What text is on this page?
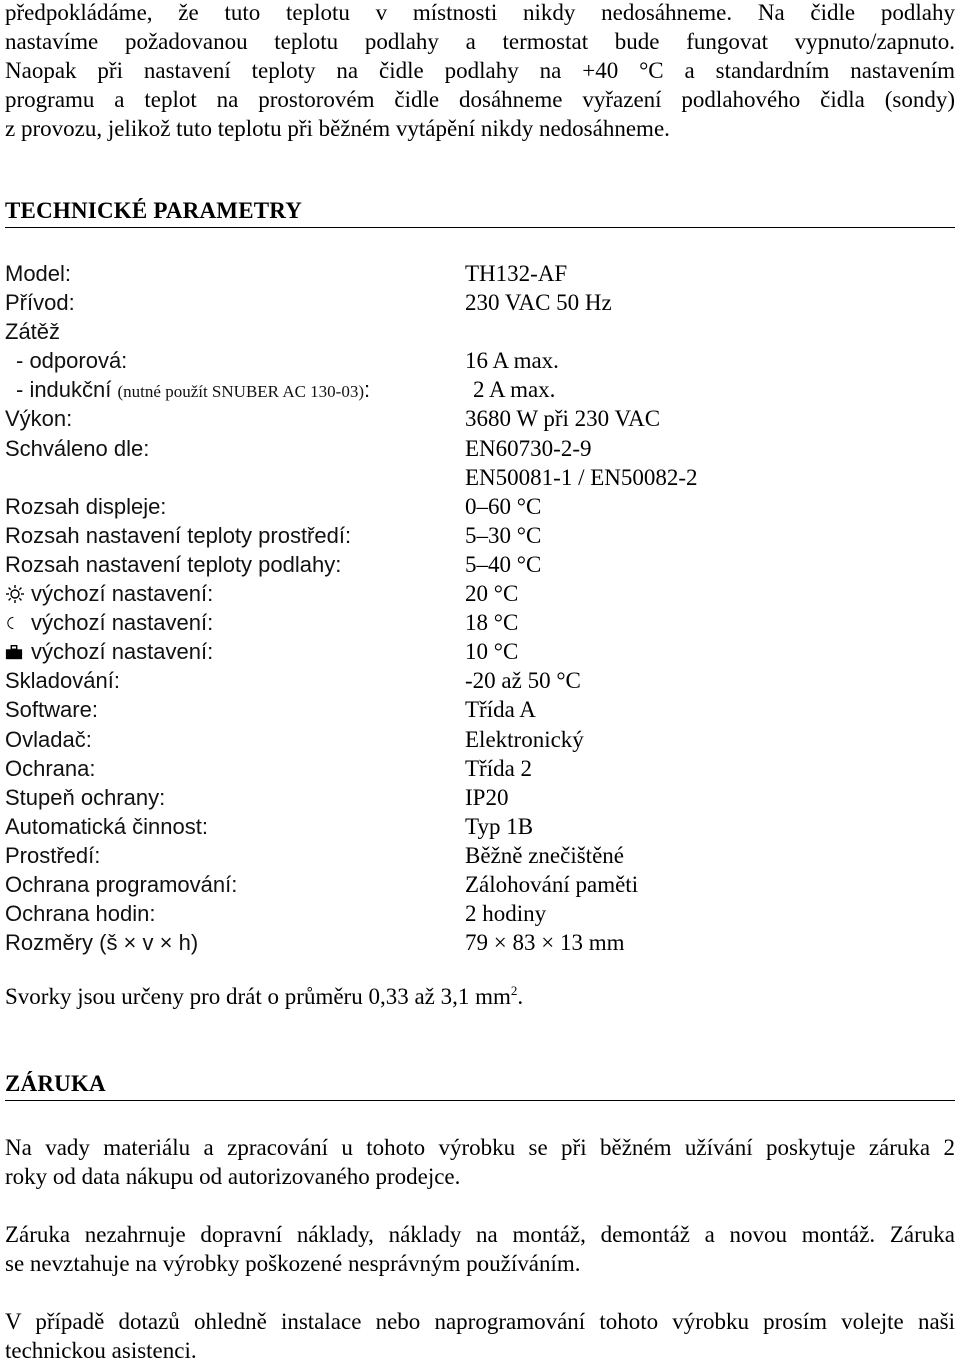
předpokládáme, že tuto teplotu v místnosti nikdy nedosáhneme. Na čidle podlahy
nastavíme požadovanou teplotu podlahy a termostat bude fungovat vypnuto/zapnuto.
Naopak při nastavení teploty na čidle podlahy na +40 °C a standardním nastavením
programu a teplot na prostorovém čidle dosáhneme vyřazení podlahového čidla (sondy)
z provozu, jelikož tuto teplotu při běžném vytápění nikdy nedosáhneme.
TECHNICKÉ PARAMETRY
Model:	TH132-AF
Přívod:	230 VAC 50 Hz
Zátěž
- odporová:	16 A max.
- indukční (nutné použít SNUBER AC 130-03):	2 A max.
Výkon:	3680 W při 230 VAC
Schváleno dle:	EN60730-2-9
EN50081-1 / EN50082-2
Rozsah displeje:	0–60 °C
Rozsah nastavení teploty prostředí:	5–30 °C
Rozsah nastavení teploty podlahy:	5–40 °C
výchozí nastavení:	20 °C
výchozí nastavení:	18 °C
výchozí nastavení:	10 °C
Skladování:	-20 až 50 °C
Software:	Třída A
Ovladač:	Elektronický
Ochrana:	Třída 2
Stupeň ochrany:	IP20
Automatická činnost:	Typ 1B
Prostředí:	Běžně znečištěné
Ochrana programování:	Zálohování paměti
Ochrana hodin:	2 hodiny
Rozměry (š × v × h)	79 × 83 × 13 mm
Svorky jsou určeny pro drát o průměru 0,33 až 3,1 $mm^2$.
ZÁRUKA
Na vady materiálu a zpracování u tohoto výrobku se při běžném užívání poskytuje záruka 2
roky od data nákupu od autorizovaného prodejce.
Záruka nezahrnuje dopravní náklady, náklady na montáž, demontáž a novou montáž. Záruka
se nevztahuje na výrobky poškozené nesprávným používáním.
V případě dotazů ohledně instalace nebo naprogramování tohoto výrobku prosím volejte naši
technickou asistenci.
